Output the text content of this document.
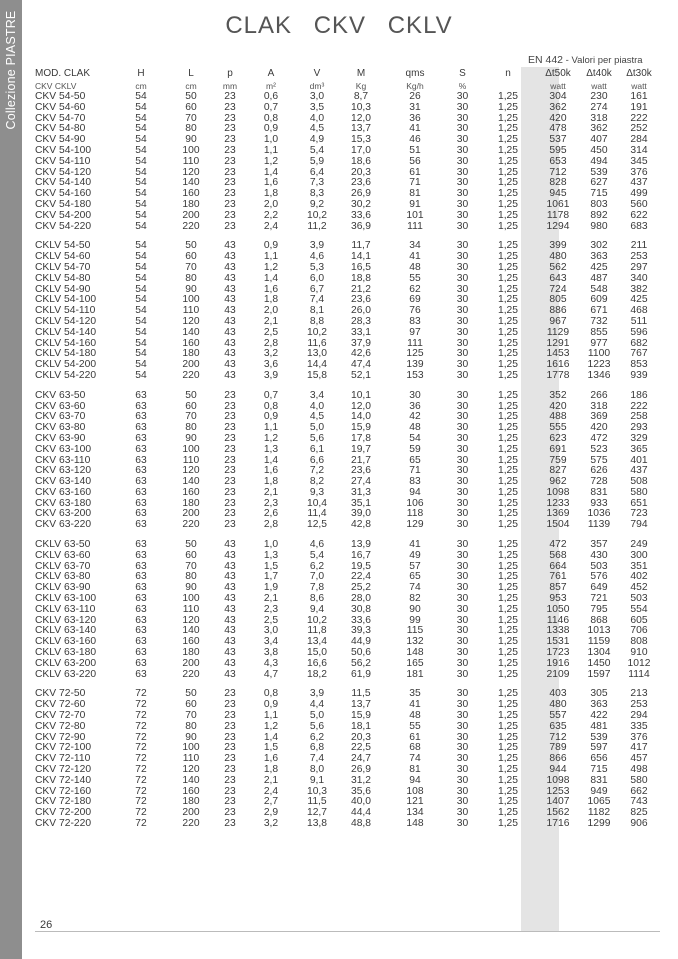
Collezione PIASTRE	CLAK CKV CKLV
EN 442 - Valori per piastra
MOD. CLAK	H	L	p	A	V	M	qms	S	n	Δt50k	Δt40k	Δt30k
CKV CKLV	cm	cm	mm	m²	dm³	Kg	Kg/h	%		watt	watt	watt
CKV 54-50	54	50	23	0,6	3,0	8,7	26	30	1,25	304	230	161
CKV 54-60	54	60	23	0,7	3,5	10,3	31	30	1,25	362	274	191
CKV 54-70	54	70	23	0,8	4,0	12,0	36	30	1,25	420	318	222
CKV 54-80	54	80	23	0,9	4,5	13,7	41	30	1,25	478	362	252
CKV 54-90	54	90	23	1,0	4,9	15,3	46	30	1,25	537	407	284
CKV 54-100	54	100	23	1,1	5,4	17,0	51	30	1,25	595	450	314
CKV 54-110	54	110	23	1,2	5,9	18,6	56	30	1,25	653	494	345
CKV 54-120	54	120	23	1,4	6,4	20,3	61	30	1,25	712	539	376
CKV 54-140	54	140	23	1,6	7,3	23,6	71	30	1,25	828	627	437
CKV 54-160	54	160	23	1,8	8,3	26,9	81	30	1,25	945	715	499
CKV 54-180	54	180	23	2,0	9,2	30,2	91	30	1,25	1061	803	560
CKV 54-200	54	200	23	2,2	10,2	33,6	101	30	1,25	1178	892	622
CKV 54-220	54	220	23	2,4	11,2	36,9	111	30	1,25	1294	980	683

CKLV 54-50	54	50	43	0,9	3,9	11,7	34	30	1,25	399	302	211
CKLV 54-60	54	60	43	1,1	4,6	14,1	41	30	1,25	480	363	253
CKLV 54-70	54	70	43	1,2	5,3	16,5	48	30	1,25	562	425	297
CKLV 54-80	54	80	43	1,4	6,0	18,8	55	30	1,25	643	487	340
CKLV 54-90	54	90	43	1,6	6,7	21,2	62	30	1,25	724	548	382
CKLV 54-100	54	100	43	1,8	7,4	23,6	69	30	1,25	805	609	425
CKLV 54-110	54	110	43	2,0	8,1	26,0	76	30	1,25	886	671	468
CKLV 54-120	54	120	43	2,1	8,8	28,3	83	30	1,25	967	732	511
CKLV 54-140	54	140	43	2,5	10,2	33,1	97	30	1,25	1129	855	596
CKLV 54-160	54	160	43	2,8	11,6	37,9	111	30	1,25	1291	977	682
CKLV 54-180	54	180	43	3,2	13,0	42,6	125	30	1,25	1453	1100	767
CKLV 54-200	54	200	43	3,6	14,4	47,4	139	30	1,25	1616	1223	853
CKLV 54-220	54	220	43	3,9	15,8	52,1	153	30	1,25	1778	1346	939

CKV 63-50	63	50	23	0,7	3,4	10,1	30	30	1,25	352	266	186
CKV 63-60	63	60	23	0,8	4,0	12,0	36	30	1,25	420	318	222
CKV 63-70	63	70	23	0,9	4,5	14,0	42	30	1,25	488	369	258
CKV 63-80	63	80	23	1,1	5,0	15,9	48	30	1,25	555	420	293
CKV 63-90	63	90	23	1,2	5,6	17,8	54	30	1,25	623	472	329
CKV 63-100	63	100	23	1,3	6,1	19,7	59	30	1,25	691	523	365
CKV 63-110	63	110	23	1,4	6,6	21,7	65	30	1,25	759	575	401
CKV 63-120	63	120	23	1,6	7,2	23,6	71	30	1,25	827	626	437
CKV 63-140	63	140	23	1,8	8,2	27,4	83	30	1,25	962	728	508
CKV 63-160	63	160	23	2,1	9,3	31,3	94	30	1,25	1098	831	580
CKV 63-180	63	180	23	2,3	10,4	35,1	106	30	1,25	1233	933	651
CKV 63-200	63	200	23	2,6	11,4	39,0	118	30	1,25	1369	1036	723
CKV 63-220	63	220	23	2,8	12,5	42,8	129	30	1,25	1504	1139	794

CKLV 63-50	63	50	43	1,0	4,6	13,9	41	30	1,25	472	357	249
CKLV 63-60	63	60	43	1,3	5,4	16,7	49	30	1,25	568	430	300
CKLV 63-70	63	70	43	1,5	6,2	19,5	57	30	1,25	664	503	351
CKLV 63-80	63	80	43	1,7	7,0	22,4	65	30	1,25	761	576	402
CKLV 63-90	63	90	43	1,9	7,8	25,2	74	30	1,25	857	649	452
CKLV 63-100	63	100	43	2,1	8,6	28,0	82	30	1,25	953	721	503
CKLV 63-110	63	110	43	2,3	9,4	30,8	90	30	1,25	1050	795	554
CKLV 63-120	63	120	43	2,5	10,2	33,6	99	30	1,25	1146	868	605
CKLV 63-140	63	140	43	3,0	11,8	39,3	115	30	1,25	1338	1013	706
CKLV 63-160	63	160	43	3,4	13,4	44,9	132	30	1,25	1531	1159	808
CKLV 63-180	63	180	43	3,8	15,0	50,6	148	30	1,25	1723	1304	910
CKLV 63-200	63	200	43	4,3	16,6	56,2	165	30	1,25	1916	1450	1012
CKLV 63-220	63	220	43	4,7	18,2	61,9	181	30	1,25	2109	1597	1114

CKV 72-50	72	50	23	0,8	3,9	11,5	35	30	1,25	403	305	213
CKV 72-60	72	60	23	0,9	4,4	13,7	41	30	1,25	480	363	253
CKV 72-70	72	70	23	1,1	5,0	15,9	48	30	1,25	557	422	294
CKV 72-80	72	80	23	1,2	5,6	18,1	55	30	1,25	635	481	335
CKV 72-90	72	90	23	1,4	6,2	20,3	61	30	1,25	712	539	376
CKV 72-100	72	100	23	1,5	6,8	22,5	68	30	1,25	789	597	417
CKV 72-110	72	110	23	1,6	7,4	24,7	74	30	1,25	866	656	457
CKV 72-120	72	120	23	1,8	8,0	26,9	81	30	1,25	944	715	498
CKV 72-140	72	140	23	2,1	9,1	31,2	94	30	1,25	1098	831	580
CKV 72-160	72	160	23	2,4	10,3	35,6	108	30	1,25	1253	949	662
CKV 72-180	72	180	23	2,7	11,5	40,0	121	30	1,25	1407	1065	743
CKV 72-200	72	200	23	2,9	12,7	44,4	134	30	1,25	1562	1182	825
CKV 72-220	72	220	23	3,2	13,8	48,8	148	30	1,25	1716	1299	906
26
